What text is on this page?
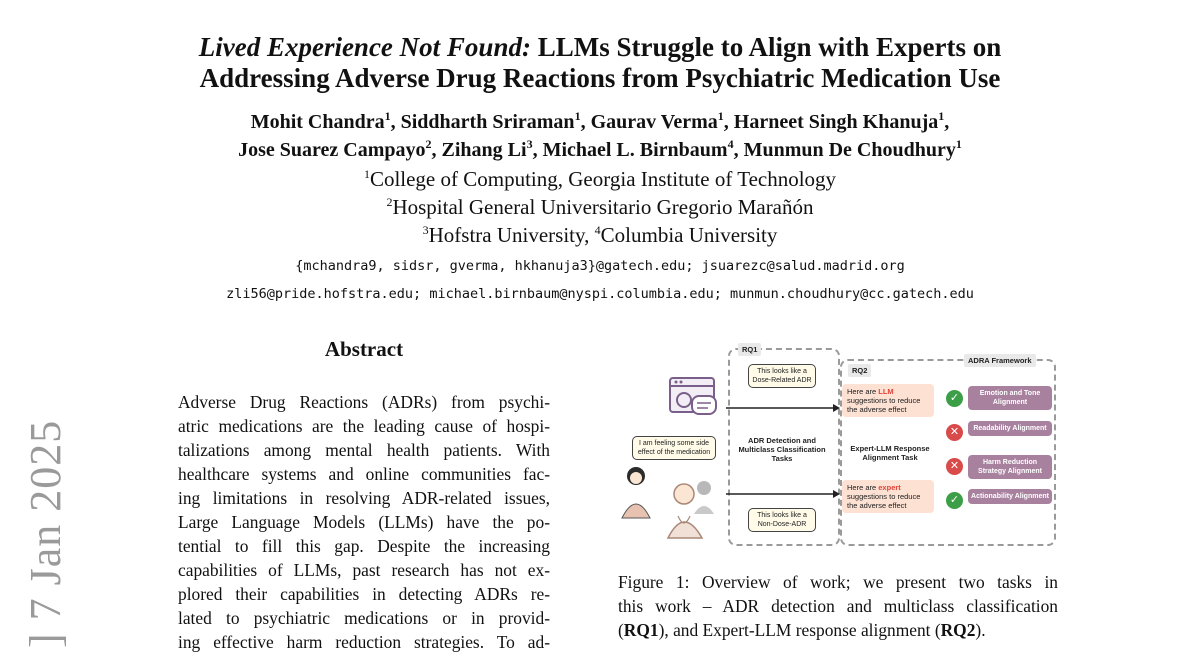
] 7 Jan 2025
Lived Experience Not Found: LLMs Struggle to Align with Experts on
Addressing Adverse Drug Reactions from Psychiatric Medication Use
Mohit Chandra$^1$, Siddharth Sriraman$^1$, Gaurav Verma$^1$, Harneet Singh Khanuja$^1$,
Jose Suarez Campayo$^2$, Zihang Li$^3$, Michael L. Birnbaum$^4$, Munmun De Choudhury$^1$
$^1$College of Computing, Georgia Institute of Technology
$^2$Hospital General Universitario Gregorio Marañón
$^3$Hofstra University, $^4$Columbia University
{mchandra9, sidsr, gverma, hkhanuja3}@gatech.edu; jsuarezc@salud.madrid.org
zli56@pride.hofstra.edu; michael.birnbaum@nyspi.columbia.edu; munmun.choudhury@cc.gatech.edu
Abstract
Adverse Drug Reactions (ADRs) from psychi-
atric medications are the leading cause of hospi-
talizations among mental health patients. With
healthcare systems and online communities fac-
ing limitations in resolving ADR-related issues,
Large Language Models (LLMs) have the po-
tential to fill this gap. Despite the increasing
capabilities of LLMs, past research has not ex-
plored their capabilities in detecting ADRs re-
lated to psychiatric medications or in provid-
ing effective harm reduction strategies. To ad-
RQ1
RQ2
ADRA Framework
This looks like a Dose-Related ADR
I am feeling some side effect of the medication
This looks like a Non-Dose-ADR
ADR Detection and Multiclass Classification Tasks
Expert-LLM Response Alignment Task
Here are LLM suggestions to reduce the adverse effect
Here are expert suggestions to reduce the adverse effect
✓	Emotion and Tone Alignment
✕	Readability Alignment
✕	Harm Reduction Strategy Alignment
✓	Actionability Alignment
Figure 1: Overview of work; we present two tasks in
this work – ADR detection and multiclass classification
(RQ1), and Expert-LLM response alignment (RQ2).
